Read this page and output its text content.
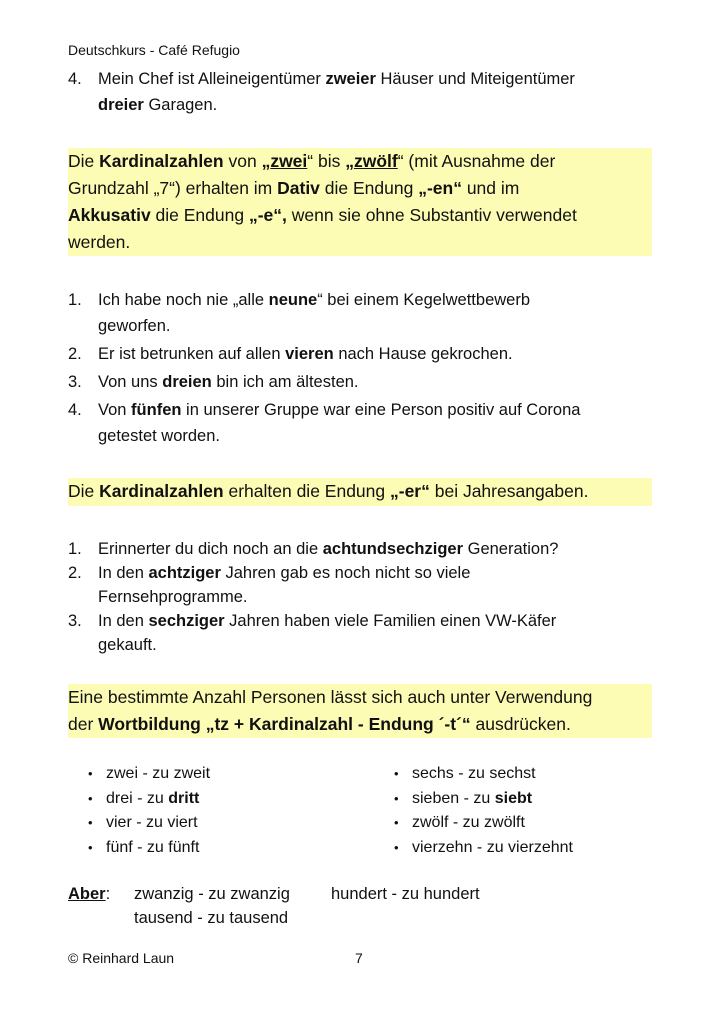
Deutschkurs - Café Refugio
4. Mein Chef ist Alleineigentümer zweier Häuser und Miteigentümer
dreier Garagen.
Die Kardinalzahlen von „zwei“ bis „zwölf“ (mit Ausnahme der
Grundzahl „7“) erhalten im Dativ die Endung „-en“ und im
Akkusativ die Endung „-e“, wenn sie ohne Substantiv verwendet
werden.
1. Ich habe noch nie „alle neune“ bei einem Kegelwettbewerb
geworfen.
2. Er ist betrunken auf allen vieren nach Hause gekrochen.
3. Von uns dreien bin ich am ältesten.
4. Von fünfen in unserer Gruppe war eine Person positiv auf Corona
getestet worden.
Die Kardinalzahlen erhalten die Endung „-er“ bei Jahresangaben.
1. Erinnerter du dich noch an die achtundsechziger Generation?
2. In den achtziger Jahren gab es noch nicht so viele
Fernsehprogramme.
3. In den sechziger Jahren haben viele Familien einen VW-Käfer
gekauft.
Eine bestimmte Anzahl Personen lässt sich auch unter Verwendung
der Wortbildung „tz + Kardinalzahl - Endung ´-t´“ ausdrücken.
• zwei - zu zweit
• drei - zu dritt
• vier - zu viert
• fünf - zu fünft
• sechs - zu sechst
• sieben - zu siebt
• zwölf - zu zwölft
• vierzehn - zu vierzehnt
Aber: zwanzig - zu zwanzig hundert - zu hundert
tausend - zu tausend
© Reinhard Laun	7
